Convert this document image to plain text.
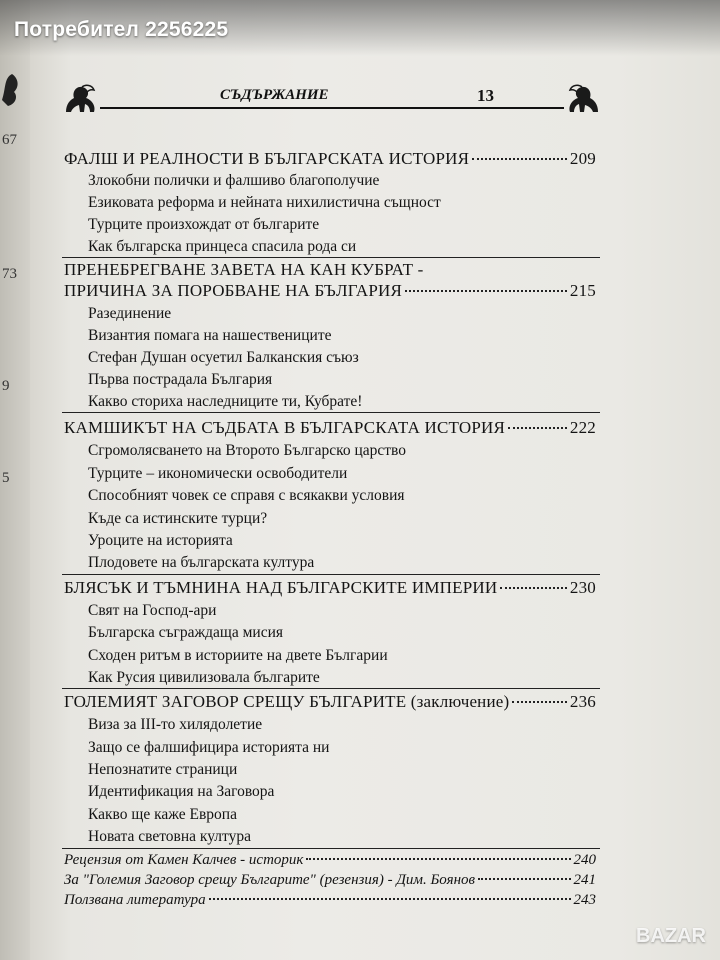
67
73
9
5
СЪДЪРЖАНИЕ	13
ФАЛШ И РЕАЛНОСТИ В БЪЛГАРСКАТА ИСТОРИЯ	209
Злокобни полички и фалшиво благополучие
Езиковата реформа и нейната нихилистична същност
Турците произхождат от българите
Как българска принцеса спасила рода си
ПРЕНЕБРЕГВАНЕ ЗАВЕТА НА КАН КУБРАТ -
ПРИЧИНА ЗА ПОРОБВАНЕ НА БЪЛГАРИЯ	215
Разединение
Византия помага на нашествениците
Стефан Душан осуетил Балканския съюз
Първа пострадала България
Какво сториха наследниците ти, Кубрате!
КАМШИКЪТ НА СЪДБАТА В БЪЛГАРСКАТА ИСТОРИЯ	222
Сгромолясването на Второто Българско царство
Турците – икономически освободители
Способният човек се справя с всякакви условия
Къде са истинските турци?
Уроците на историята
Плодовете на българската култура
БЛЯСЪК И ТЪМНИНА НАД БЪЛГАРСКИТЕ ИМПЕРИИ	230
Свят на Господ-ари
Българска съграждаща мисия
Сходен ритъм в историите на двете Българии
Как Русия цивилизовала българите
ГОЛЕМИЯТ ЗАГОВОР СРЕЩУ БЪЛГАРИТЕ (заключение)	236
Виза за III-то хилядолетие
Защо се фалшифицира историята ни
Непознатите страници
Идентификация на Заговора
Какво ще каже Европа
Новата световна култура
Рецензия от Камен Калчев - историк	240
За "Големия Заговор срещу Българите" (резензия) - Дим. Боянов	241
Ползвана литература	243
Потребител 2256225
BAZAR
